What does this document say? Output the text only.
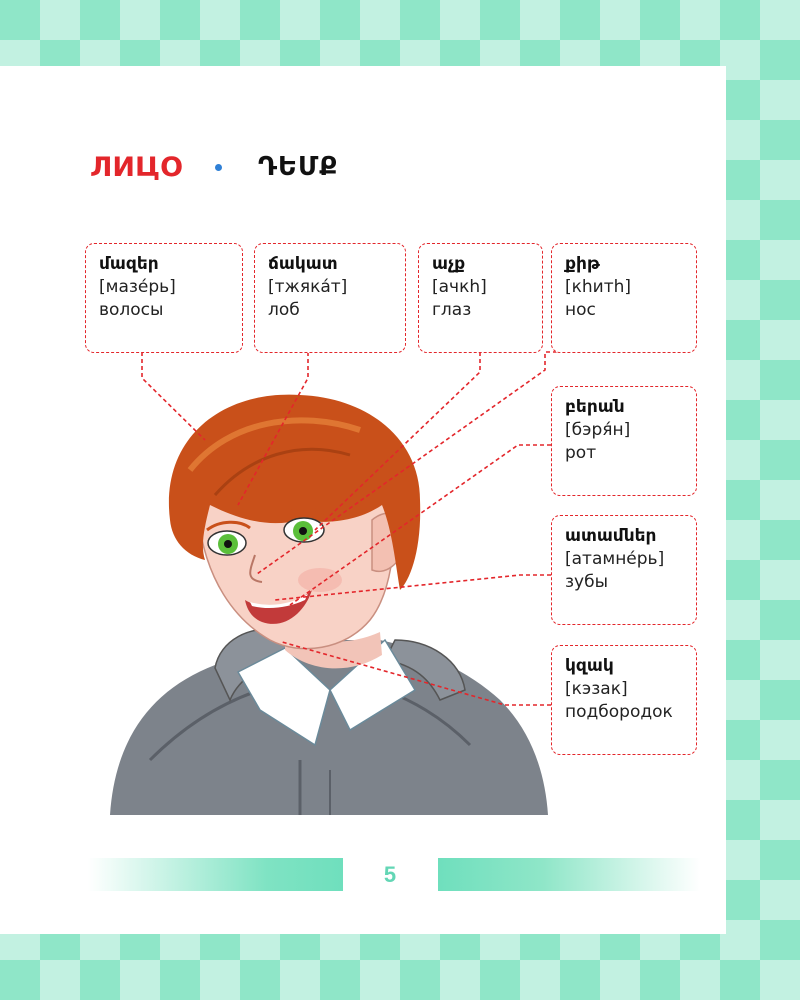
ЛИЦО	ԴԵՄՔ
մազեր
[мазе́рь]
волосы
ճակատ
[тжяка́т]
лоб
աչք
[ачкh]
глаз
քիթ
[кhитh]
нос
բերան
[бэря́н]
рот
ատամներ
[атамне́рь]
зубы
կզակ
[кэзак]
подбородок
5
